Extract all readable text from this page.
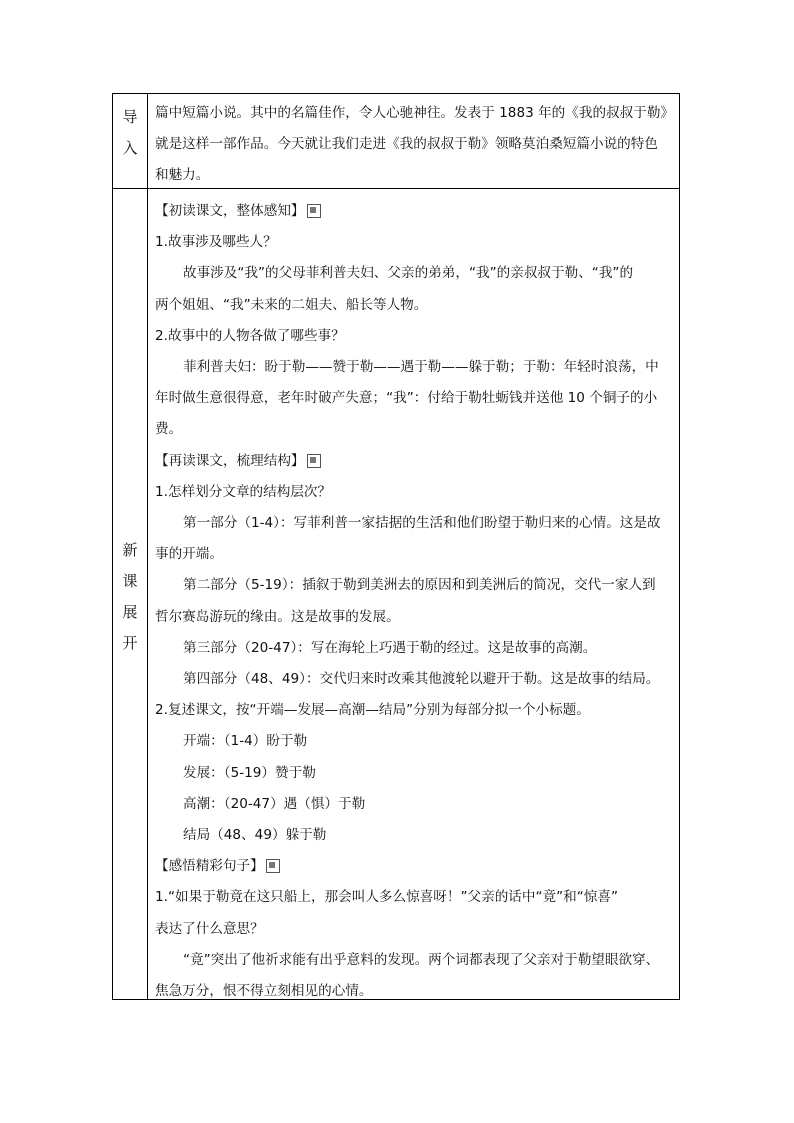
导
入

篇中短篇小说。其中的名篇佳作，令人心驰神往。发表于 1883 年的《我的叔叔于勒》

就是这样一部作品。今天就让我们走进《我的叔叔于勒》领略莫泊桑短篇小说的特色

和魅力。

新
课
展
开

【初读课文，整体感知】

1.故事涉及哪些人？

故事涉及“我”的父母菲利普夫妇、父亲的弟弟，“我”的亲叔叔于勒、“我”的

两个姐姐、“我”未来的二姐夫、船长等人物。

2.故事中的人物各做了哪些事？

菲利普夫妇：盼于勒——赞于勒——遇于勒——躲于勒；于勒：年轻时浪荡，中

年时做生意很得意，老年时破产失意；“我”：付给于勒牡蛎钱并送他 10 个铜子的小

费。

【再读课文，梳理结构】

1.怎样划分文章的结构层次？

第一部分（1-4）：写菲利普一家拮据的生活和他们盼望于勒归来的心情。这是故

事的开端。

第二部分（5-19）：插叙于勒到美洲去的原因和到美洲后的简况，交代一家人到

哲尔赛岛游玩的缘由。这是故事的发展。

第三部分（20-47）：写在海轮上巧遇于勒的经过。这是故事的高潮。

第四部分（48、49）：交代归来时改乘其他渡轮以避开于勒。这是故事的结局。

2.复述课文，按“开端—发展—高潮—结局”分别为每部分拟一个小标题。

开端：（1-4）盼于勒

发展：（5-19）赞于勒

高潮：（20-47）遇（惧）于勒

结局（48、49）躲于勒

【感悟精彩句子】

1.“如果于勒竟在这只船上，那会叫人多么惊喜呀！”父亲的话中“竟”和“惊喜”

表达了什么意思？

“竟”突出了他祈求能有出乎意料的发现。两个词都表现了父亲对于勒望眼欲穿、

焦急万分，恨不得立刻相见的心情。
